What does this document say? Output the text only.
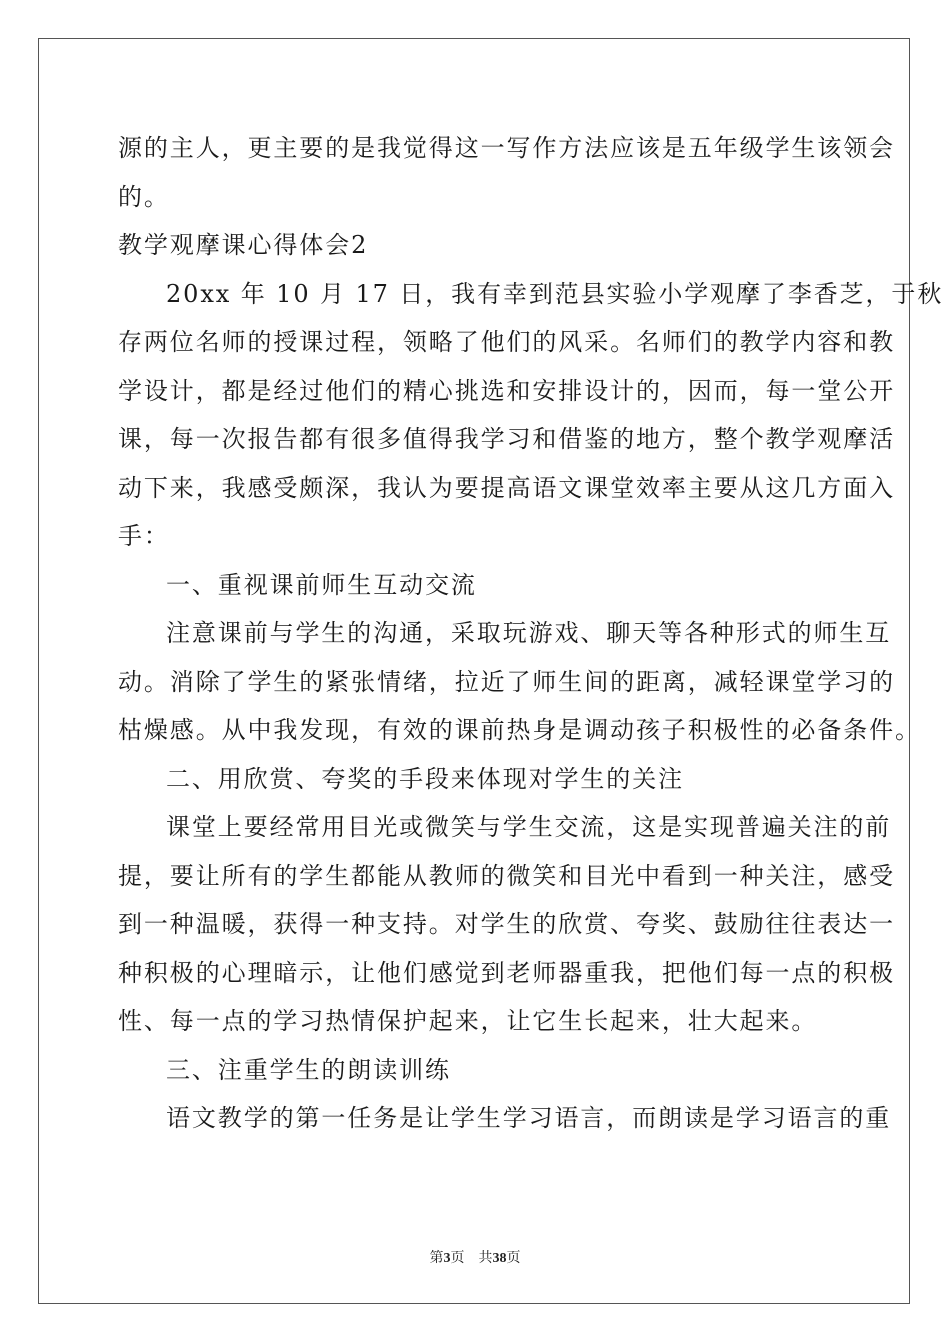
源的主人，更主要的是我觉得这一写作方法应该是五年级学生该领会
的。
教学观摩课心得体会2
20xx 年 10 月 17 日，我有幸到范县实验小学观摩了李香芝，于秋
存两位名师的授课过程，领略了他们的风采。名师们的教学内容和教
学设计，都是经过他们的精心挑选和安排设计的，因而，每一堂公开
课，每一次报告都有很多值得我学习和借鉴的地方，整个教学观摩活
动下来，我感受颇深，我认为要提高语文课堂效率主要从这几方面入
手：
一、重视课前师生互动交流
注意课前与学生的沟通，采取玩游戏、聊天等各种形式的师生互
动。消除了学生的紧张情绪，拉近了师生间的距离，减轻课堂学习的
枯燥感。从中我发现，有效的课前热身是调动孩子积极性的必备条件。
二、用欣赏、夸奖的手段来体现对学生的关注
课堂上要经常用目光或微笑与学生交流，这是实现普遍关注的前
提，要让所有的学生都能从教师的微笑和目光中看到一种关注，感受
到一种温暖，获得一种支持。对学生的欣赏、夸奖、鼓励往往表达一
种积极的心理暗示，让他们感觉到老师器重我，把他们每一点的积极
性、每一点的学习热情保护起来，让它生长起来，壮大起来。
三、注重学生的朗读训练
语文教学的第一任务是让学生学习语言，而朗读是学习语言的重
第3页 共38页
